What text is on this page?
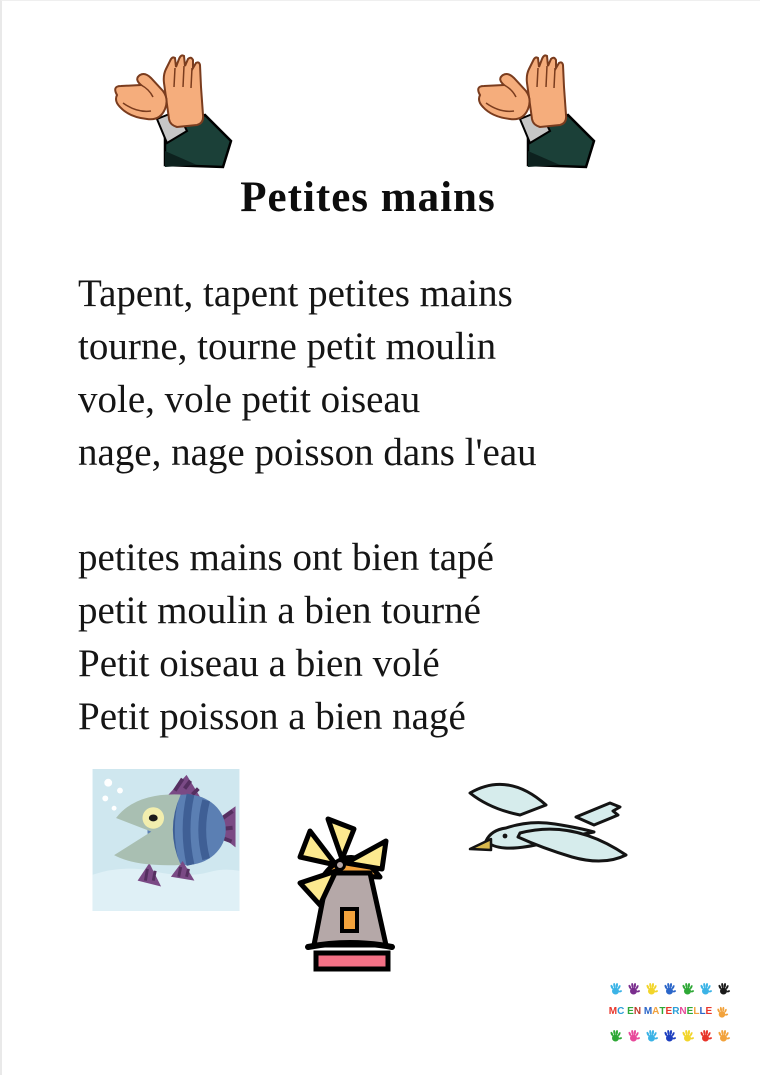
Petites mains
Tapent, tapent petites mains
tourne, tourne petit moulin
vole, vole petit oiseau
nage, nage poisson dans l'eau
petites mains ont bien tapé
petit moulin a bien tourné
Petit oiseau a bien volé
Petit poisson a bien nagé
M C
E N
M A T E R N E L L E
